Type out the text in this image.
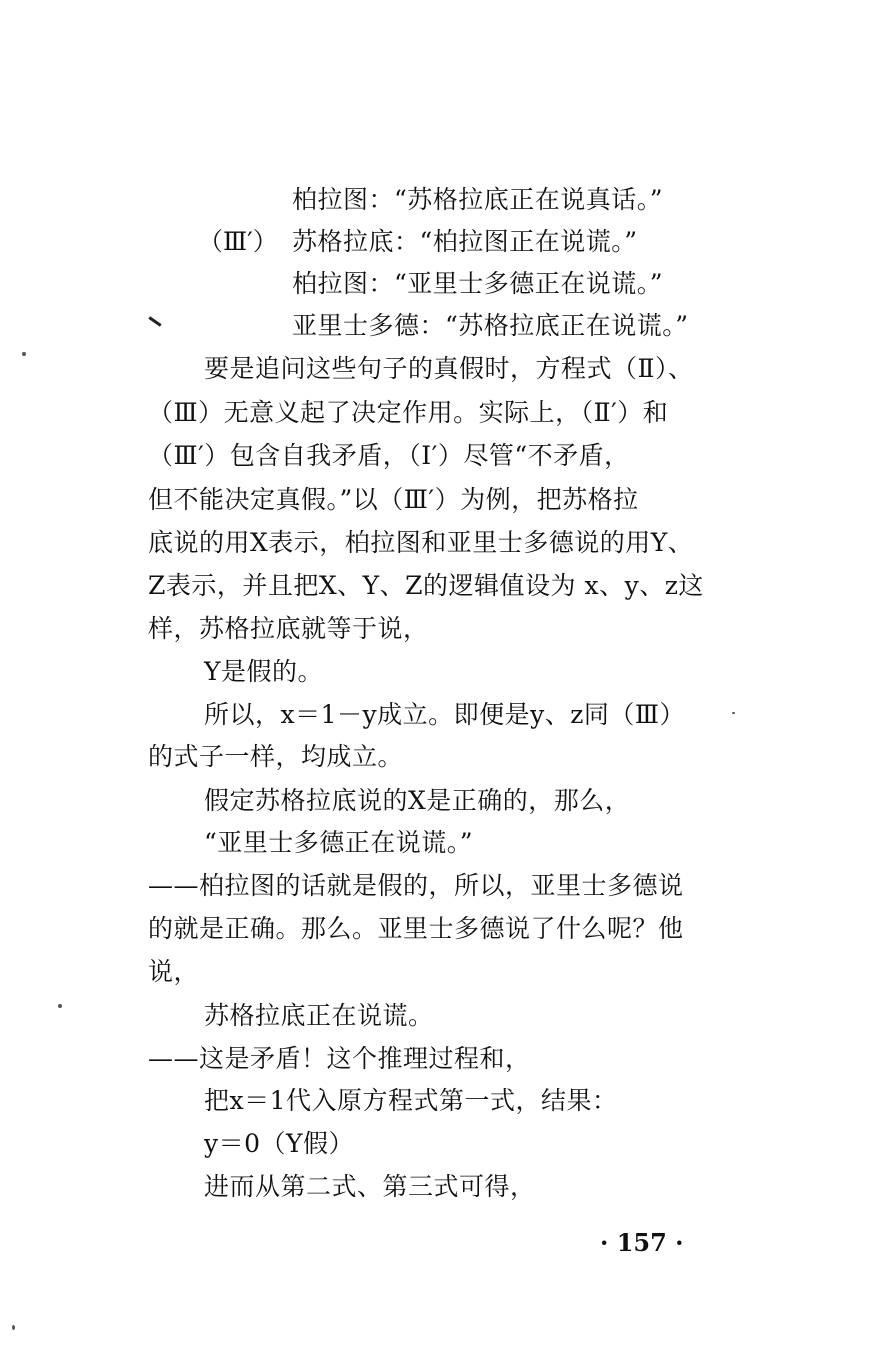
柏拉图：“苏格拉底正在说真话。”
（Ⅲ′） 苏格拉底：“柏拉图正在说谎。”
柏拉图：“亚里士多德正在说谎。”
亚里士多德：“苏格拉底正在说谎。”
要是追问这些句子的真假时，方程式（Ⅱ）、
（Ⅲ）无意义起了决定作用。实际上，（Ⅱ′）和
（Ⅲ′）包含自我矛盾，（Ⅰ′）尽管“不矛盾，
但不能决定真假。”以（Ⅲ′）为例，把苏格拉
底说的用X表示，柏拉图和亚里士多德说的用Y、
Z表示，并且把X、Y、Z的逻辑值设为 x、y、z这
样，苏格拉底就等于说，
Y是假的。
所以，x＝1－y成立。即便是y、z同（Ⅲ）
的式子一样，均成立。
假定苏格拉底说的X是正确的，那么，
“亚里士多德正在说谎。”
——柏拉图的话就是假的，所以，亚里士多德说
的就是正确。那么。亚里士多德说了什么呢？他
说，
苏格拉底正在说谎。
——这是矛盾！这个推理过程和，
把x＝1代入原方程式第一式，结果：
y＝0（Y假）
进而从第二式、第三式可得，
· 157 ·
